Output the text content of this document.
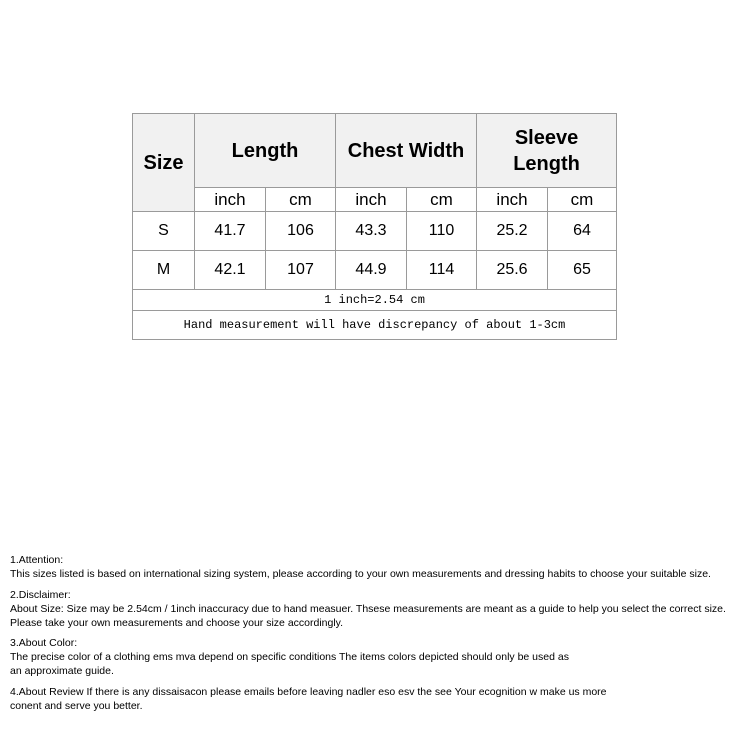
Size	Length		Chest Width		Sleeve
Length	
	inch	cm	inch	cm	inch	cm
S	41.7	106	43.3	110	25.2	64
M	42.1	107	44.9	114	25.6	65
1 inch=2.54 cm						
Hand measurement will have discrepancy of about 1-3cm						

1.Attention:
This sizes listed is based on international sizing system, please according to your own measurements and dressing habits to choose your suitable size.

2.Disclaimer:
About Size: Size may be 2.54cm / 1inch inaccuracy due to hand measuer. Thsese measurements are meant as a guide to help you select the correct size.
Please take your own measurements and choose your size accordingly.

3.About Color:
The precise color of a clothing ems mva depend on specific conditions The items colors depicted should only be used as
an approximate guide.

4.About Review If there is any dissaisacon please emails before leaving nadler eso esv the see Your ecognition w make us more
conent and serve you better.
